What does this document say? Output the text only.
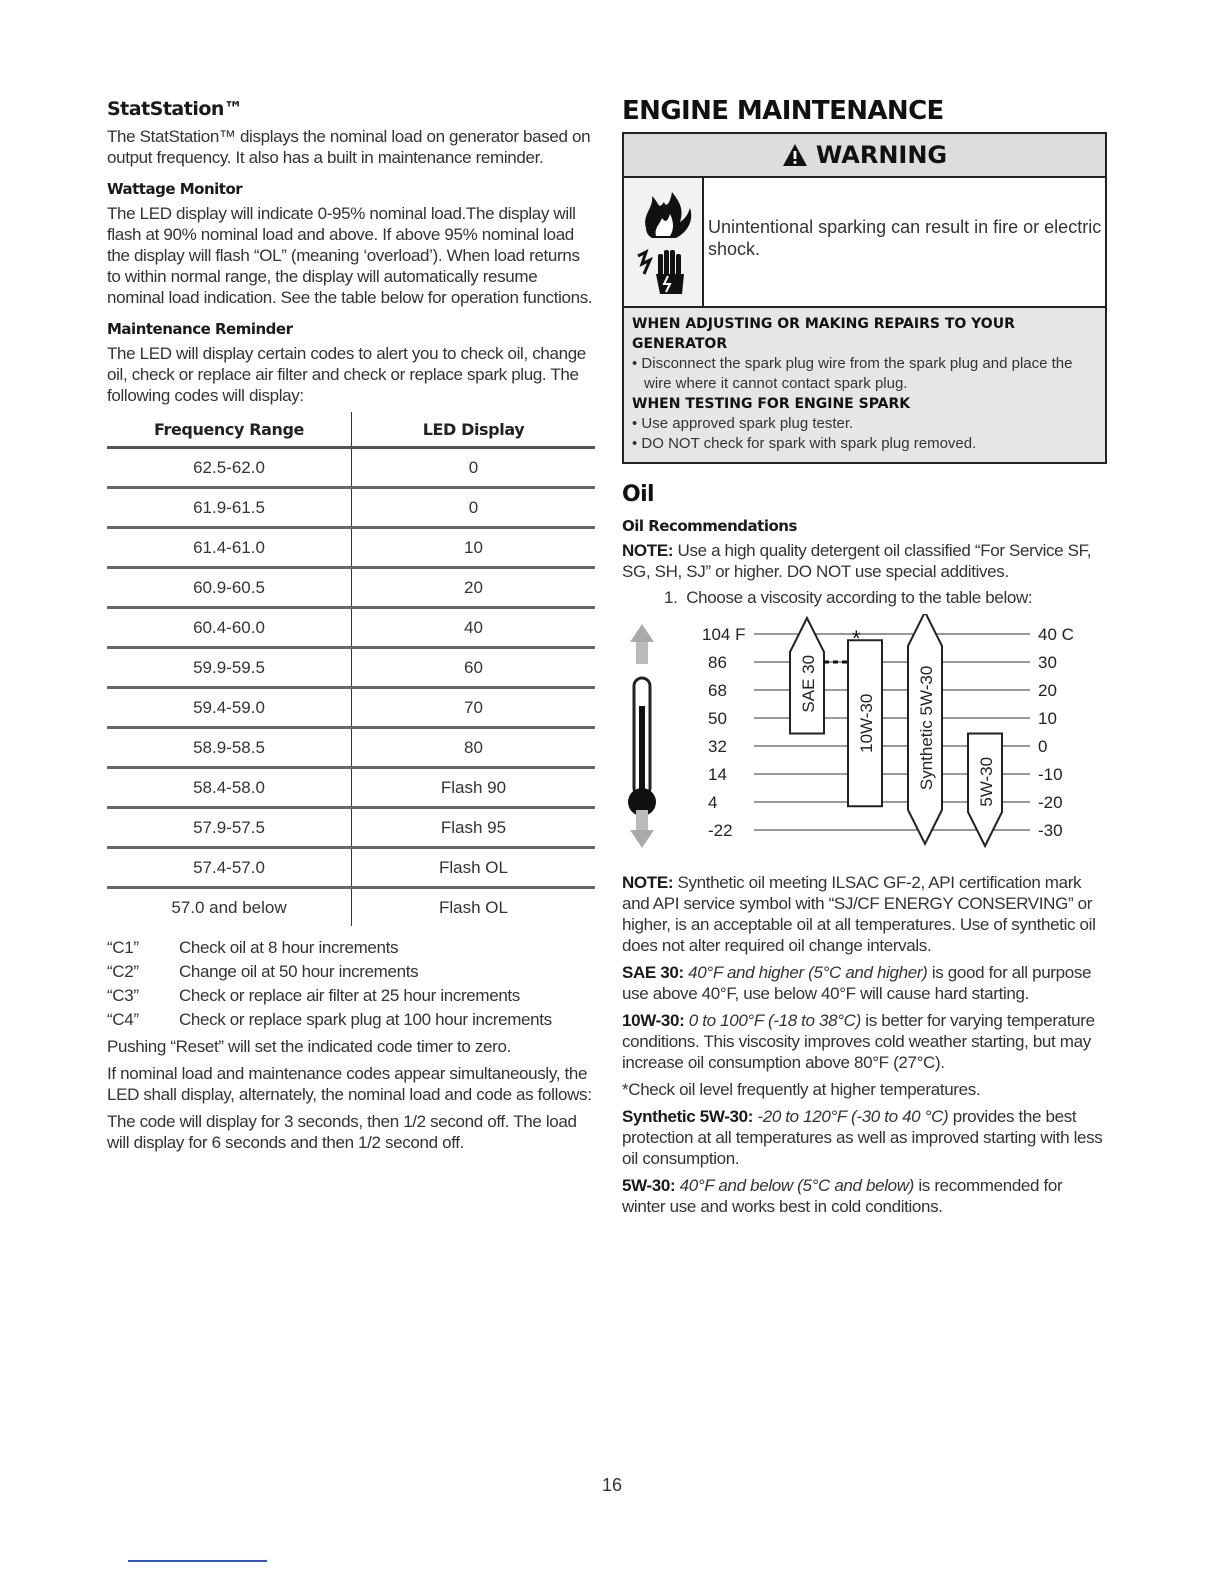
StatStation™

The StatStation™ displays the nominal load on generator based on output frequency. It also has a built in maintenance reminder.

Wattage Monitor

The LED display will indicate 0-95% nominal load.The display will flash at 90% nominal load and above. If above 95% nominal load the display will flash “OL” (meaning ‘overload’). When load returns to within normal range, the display will automatically resume nominal load indication. See the table below for operation functions.

Maintenance Reminder

The LED will display certain codes to alert you to check oil, change oil, check or replace air filter and check or replace spark plug. The following codes will display:

Frequency Range	LED Display
62.5-62.0	0
61.9-61.5	0
61.4-61.0	10
60.9-60.5	20
60.4-60.0	40
59.9-59.5	60
59.4-59.0	70
58.9-58.5	80
58.4-58.0	Flash 90
57.9-57.5	Flash 95
57.4-57.0	Flash OL
57.0 and below	Flash OL
“C1”	Check oil at 8 hour increments
“C2”	Change oil at 50 hour increments
“C3”	Check or replace air filter at 25 hour increments
“C4”	Check or replace spark plug at 100 hour increments

Pushing “Reset” will set the indicated code timer to zero.

If nominal load and maintenance codes appear simultaneously, the LED shall display, alternately, the nominal load and code as follows:

The code will display for 3 seconds, then 1/2 second off. The load will display for 6 seconds and then 1/2 second off.

ENGINE MAINTENANCE
WARNING
Unintentional sparking can result in fire or electric shock.
WHEN ADJUSTING OR MAKING REPAIRS TO YOUR GENERATOR
• Disconnect the spark plug wire from the spark plug and place the wire where it cannot contact spark plug.
WHEN TESTING FOR ENGINE SPARK
• Use approved spark plug tester.
• DO NOT check for spark with spark plug removed.
Oil
Oil Recommendations

NOTE: Use a high quality detergent oil classified “For Service SF, SG, SH, SJ” or higher. DO NOT use special additives.

1. Choose a viscosity according to the table below:
104 F
86
68
50
32
14
4
-22
40 C
30
20
10
0
-10
-20
-30
SAE 30
10W-30 Synthetic 5W-30 5W-30
*

NOTE: Synthetic oil meeting ILSAC GF-2, API certification mark and API service symbol with “SJ/CF ENERGY CONSERVING” or higher, is an acceptable oil at all temperatures. Use of synthetic oil does not alter required oil change intervals.

SAE 30: 40°F and higher (5°C and higher) is good for all purpose use above 40°F, use below 40°F will cause hard starting.

10W-30: 0 to 100°F (-18 to 38°C) is better for varying temperature conditions. This viscosity improves cold weather starting, but may increase oil consumption above 80°F (27°C).

*Check oil level frequently at higher temperatures.

Synthetic 5W-30: -20 to 120°F (-30 to 40 °C) provides the best protection at all temperatures as well as improved starting with less oil consumption.

5W-30: 40°F and below (5°C and below) is recommended for winter use and works best in cold conditions.

16
